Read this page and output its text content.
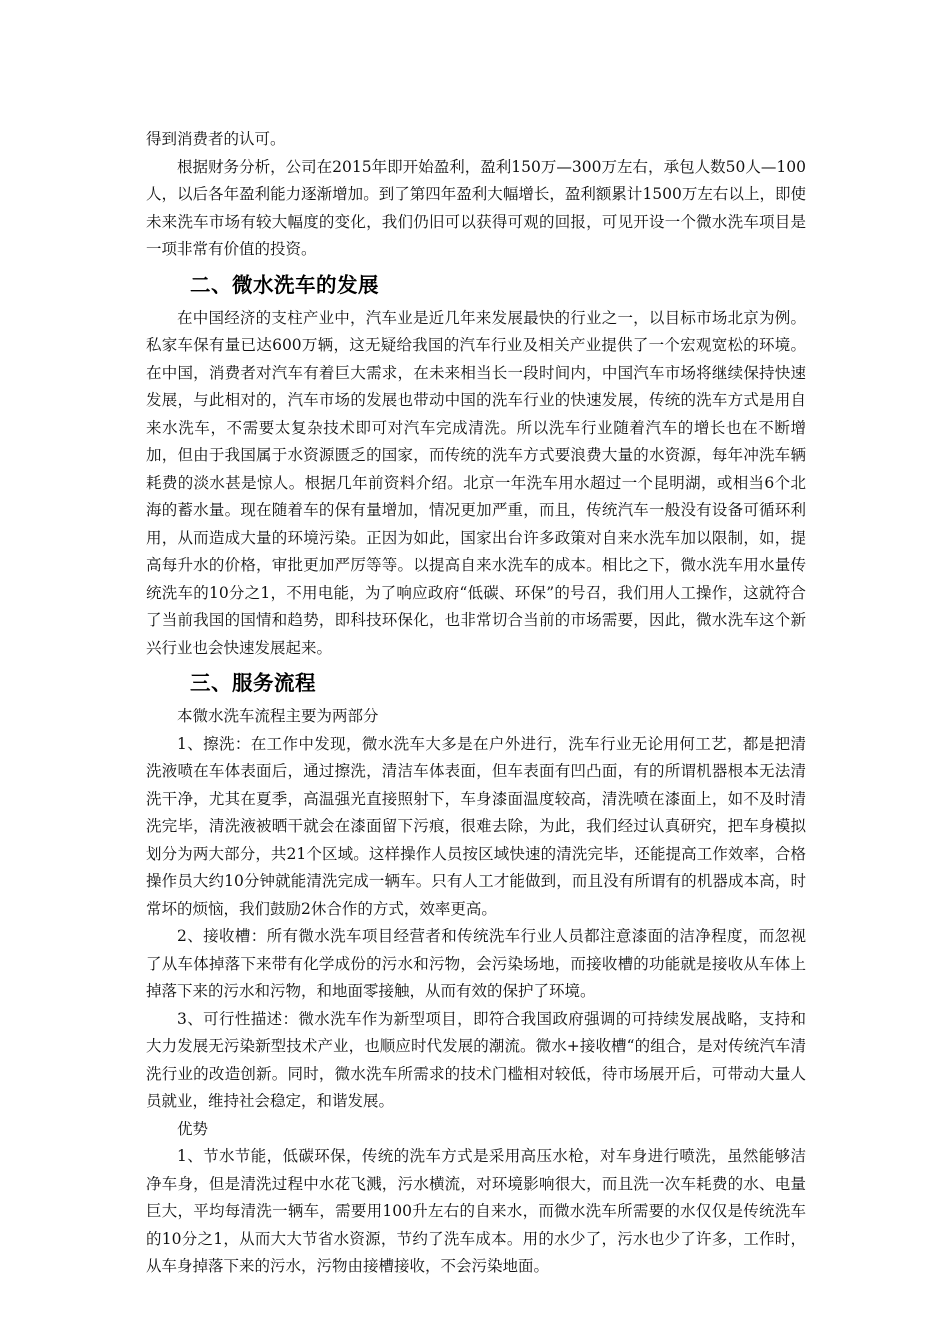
得到消费者的认可。

根据财务分析，公司在2015年即开始盈利，盈利150万—300万左右，承包人数50人—100人，以后各年盈利能力逐渐增加。到了第四年盈利大幅增长，盈利额累计1500万左右以上，即使未来洗车市场有较大幅度的变化，我们仍旧可以获得可观的回报，可见开设一个微水洗车项目是一项非常有价值的投资。

二、微水洗车的发展

在中国经济的支柱产业中，汽车业是近几年来发展最快的行业之一，以目标市场北京为例。私家车保有量已达600万辆，这无疑给我国的汽车行业及相关产业提供了一个宏观宽松的环境。在中国，消费者对汽车有着巨大需求，在未来相当长一段时间内，中国汽车市场将继续保持快速发展，与此相对的，汽车市场的发展也带动中国的洗车行业的快速发展，传统的洗车方式是用自来水洗车，不需要太复杂技术即可对汽车完成清洗。所以洗车行业随着汽车的增长也在不断增加，但由于我国属于水资源匮乏的国家，而传统的洗车方式要浪费大量的水资源，每年冲洗车辆耗费的淡水甚是惊人。根据几年前资料介绍。北京一年洗车用水超过一个昆明湖，或相当6个北海的蓄水量。现在随着车的保有量增加，情况更加严重，而且，传统汽车一般没有设备可循环利用，从而造成大量的环境污染。正因为如此，国家出台许多政策对自来水洗车加以限制，如，提高每升水的价格，审批更加严厉等等。以提高自来水洗车的成本。相比之下，微水洗车用水量传统洗车的10分之1，不用电能，为了响应政府“低碳、环保”的号召，我们用人工操作，这就符合了当前我国的国情和趋势，即科技环保化，也非常切合当前的市场需要，因此，微水洗车这个新兴行业也会快速发展起来。

三、服务流程

本微水洗车流程主要为两部分

1、擦洗：在工作中发现，微水洗车大多是在户外进行，洗车行业无论用何工艺，都是把清洗液喷在车体表面后，通过擦洗，清洁车体表面，但车表面有凹凸面，有的所谓机器根本无法清洗干净，尤其在夏季，高温强光直接照射下，车身漆面温度较高，清洗喷在漆面上，如不及时清洗完毕，清洗液被晒干就会在漆面留下污痕，很难去除，为此，我们经过认真研究，把车身模拟划分为两大部分，共21个区域。这样操作人员按区域快速的清洗完毕，还能提高工作效率，合格操作员大约10分钟就能清洗完成一辆车。只有人工才能做到，而且没有所谓有的机器成本高，时常坏的烦恼，我们鼓励2休合作的方式，效率更高。

2、接收槽：所有微水洗车项目经营者和传统洗车行业人员都注意漆面的洁净程度，而忽视了从车体掉落下来带有化学成份的污水和污物，会污染场地，而接收槽的功能就是接收从车体上掉落下来的污水和污物，和地面零接触，从而有效的保护了环境。

3、可行性描述：微水洗车作为新型项目，即符合我国政府强调的可持续发展战略，支持和大力发展无污染新型技术产业，也顺应时代发展的潮流。微水+接收槽“的组合，是对传统汽车清洗行业的改造创新。同时，微水洗车所需求的技术门槛相对较低，待市场展开后，可带动大量人员就业，维持社会稳定，和谐发展。

优势

1、节水节能，低碳环保，传统的洗车方式是采用高压水枪，对车身进行喷洗，虽然能够洁净车身，但是清洗过程中水花飞溅，污水横流，对环境影响很大，而且洗一次车耗费的水、电量巨大，平均每清洗一辆车，需要用100升左右的自来水，而微水洗车所需要的水仅仅是传统洗车的10分之1，从而大大节省水资源，节约了洗车成本。用的水少了，污水也少了许多，工作时，从车身掉落下来的污水，污物由接槽接收，不会污染地面。
